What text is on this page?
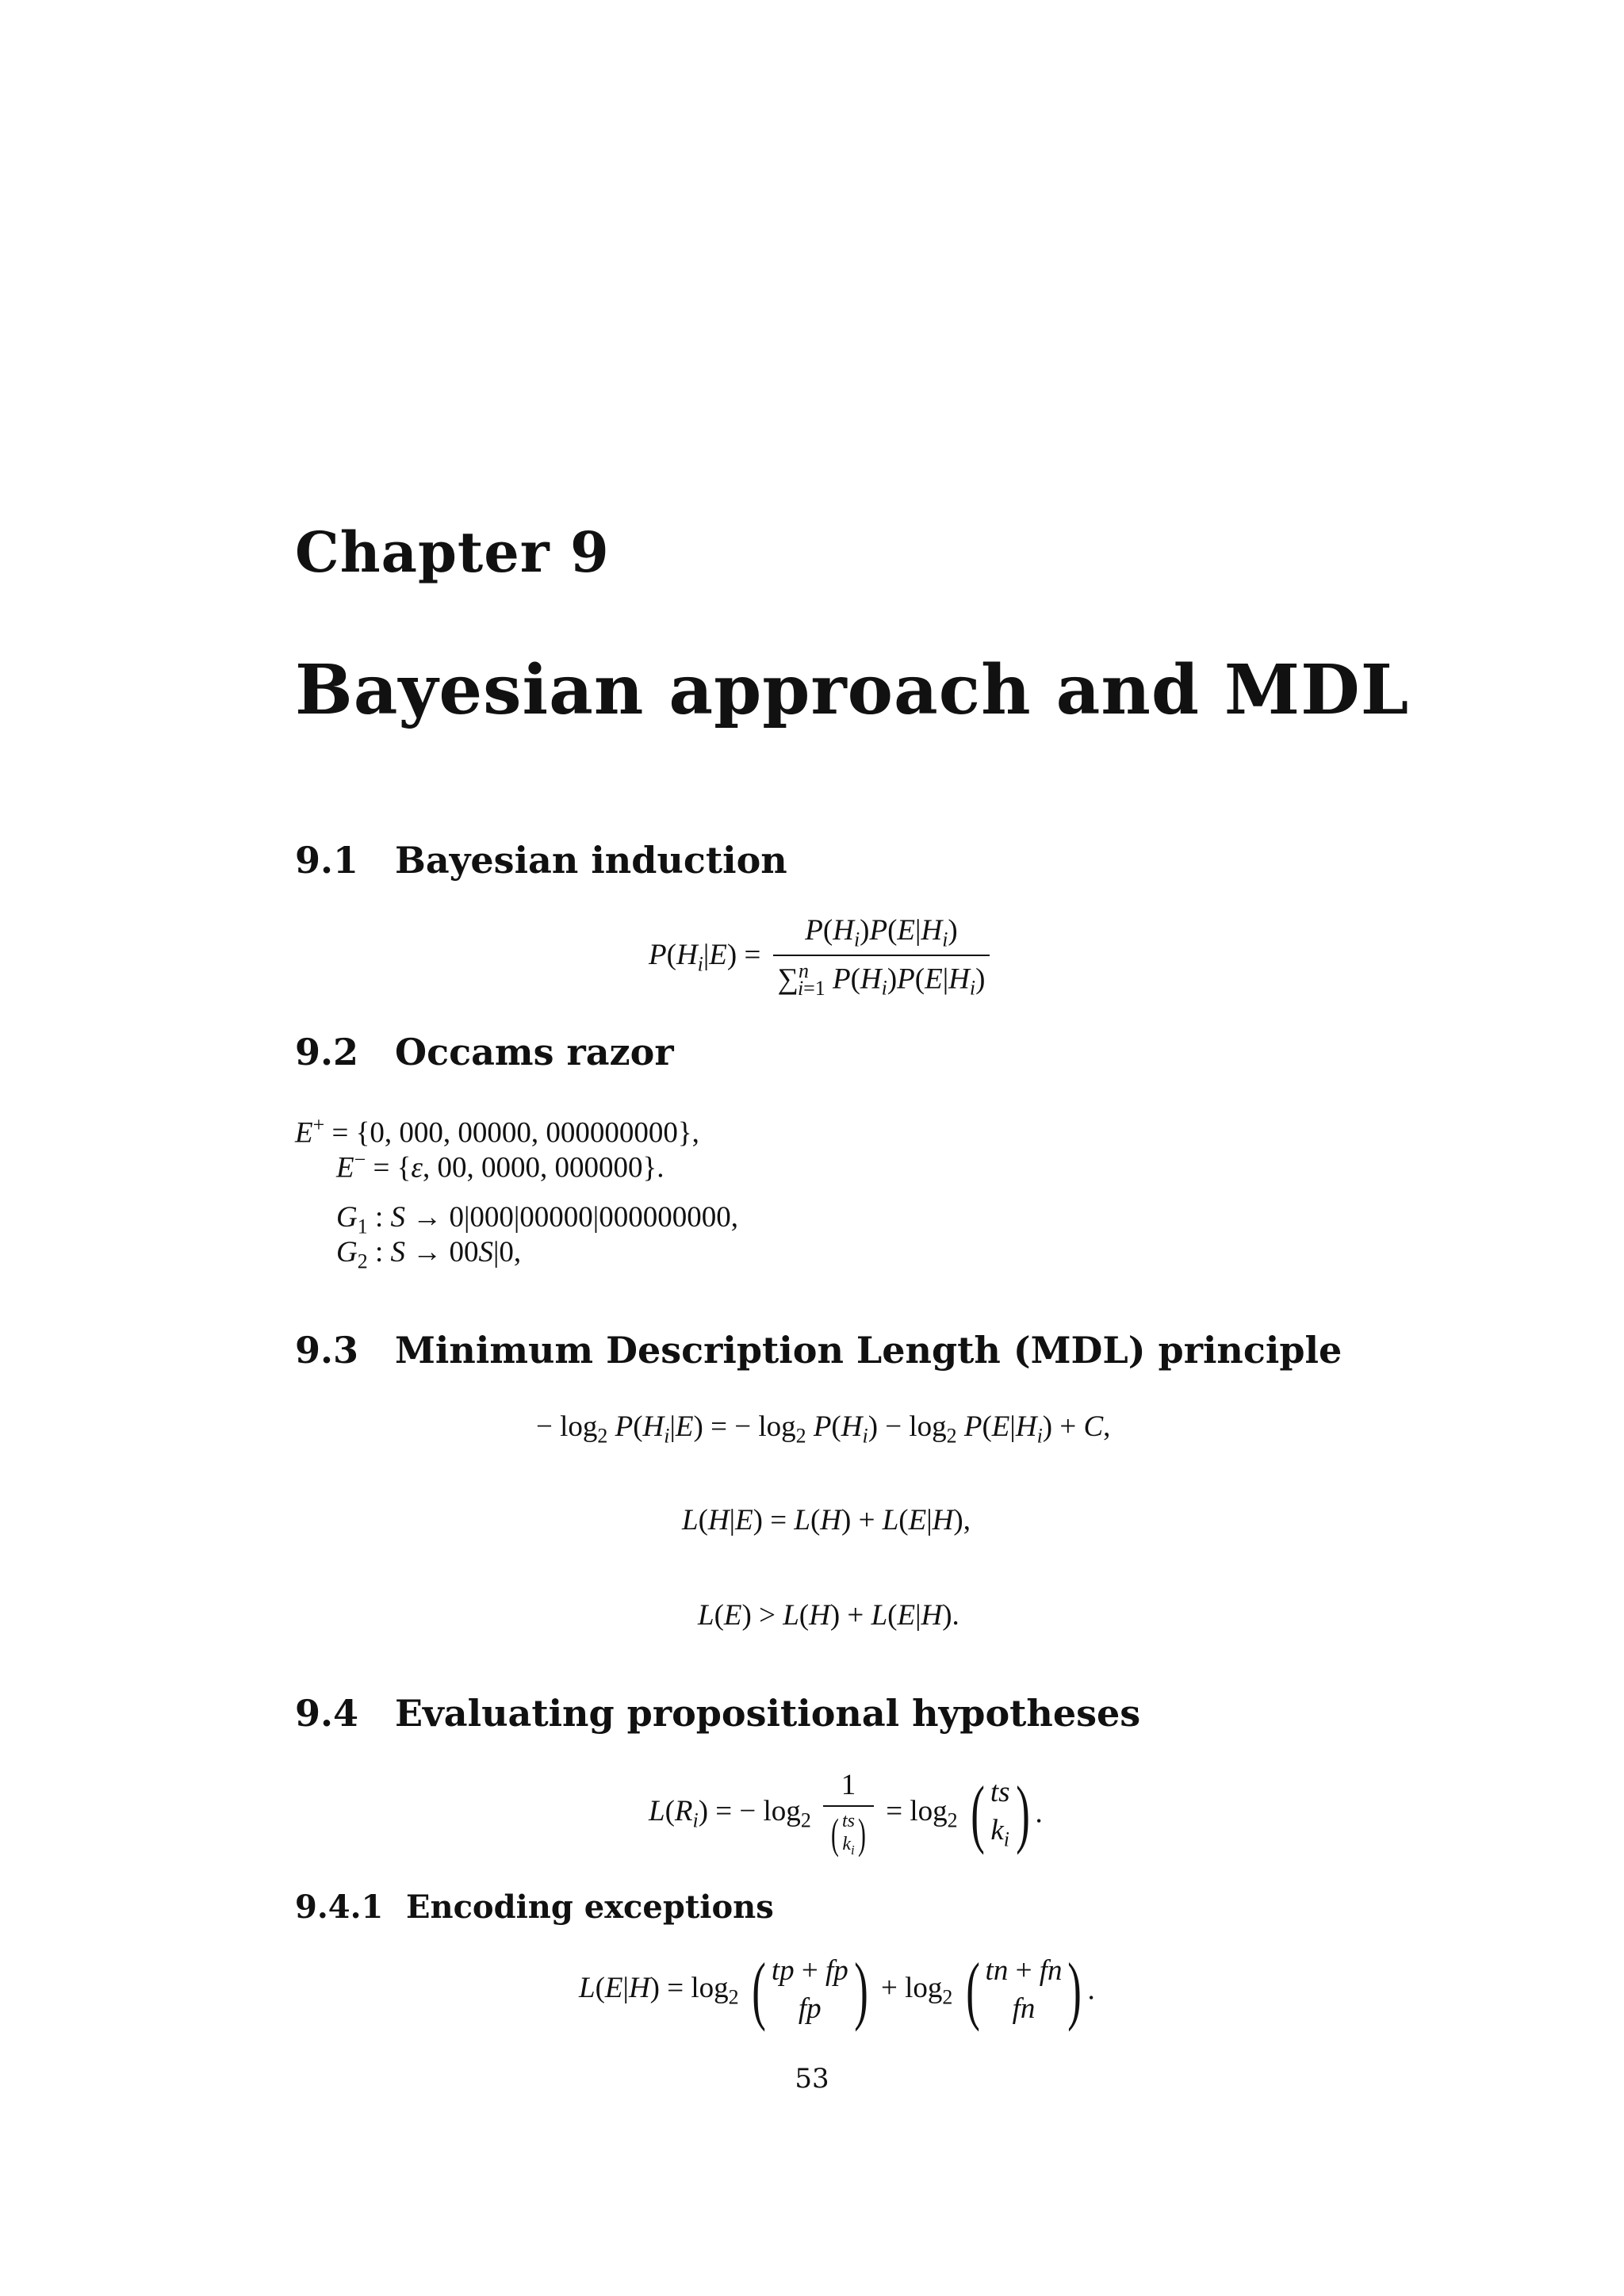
Chapter 9
Bayesian approach and MDL
9.1 Bayesian induction
$P(H_i|E) = \frac{P(H_i)P(E|H_i)}{\sum^n_{i=1} P(H_i)P(E|H_i)}$
9.2 Occams razor
E+ = {0, 000, 00000, 000000000},
E− = {ε, 00, 0000, 000000}.
$G_1$ : S → 0|000|00000|000000000,
$G_2$ : S → 00S|0,
9.3 Minimum Description Length (MDL) principle
− $\log_2 P(H_i|E)$ = − $\log_2 P(H_i) - \log_2 P(E|H_i) + C$,
L(H|E) = L(H) + L(E|H),
L(E) > L(H) + L(E|H).
9.4 Evaluating propositional hypotheses
$L(R_i)$ = − $\log_2 1$
( ts
$k_i$ ) = $\log_2$ ( ts
$k_i$ ) .
9.4.1 Encoding exceptions
$L(E|H) = \log_2$ ( tp + fp
fp ) + $\log_2$ ( tn + fn
fn ) .
53
